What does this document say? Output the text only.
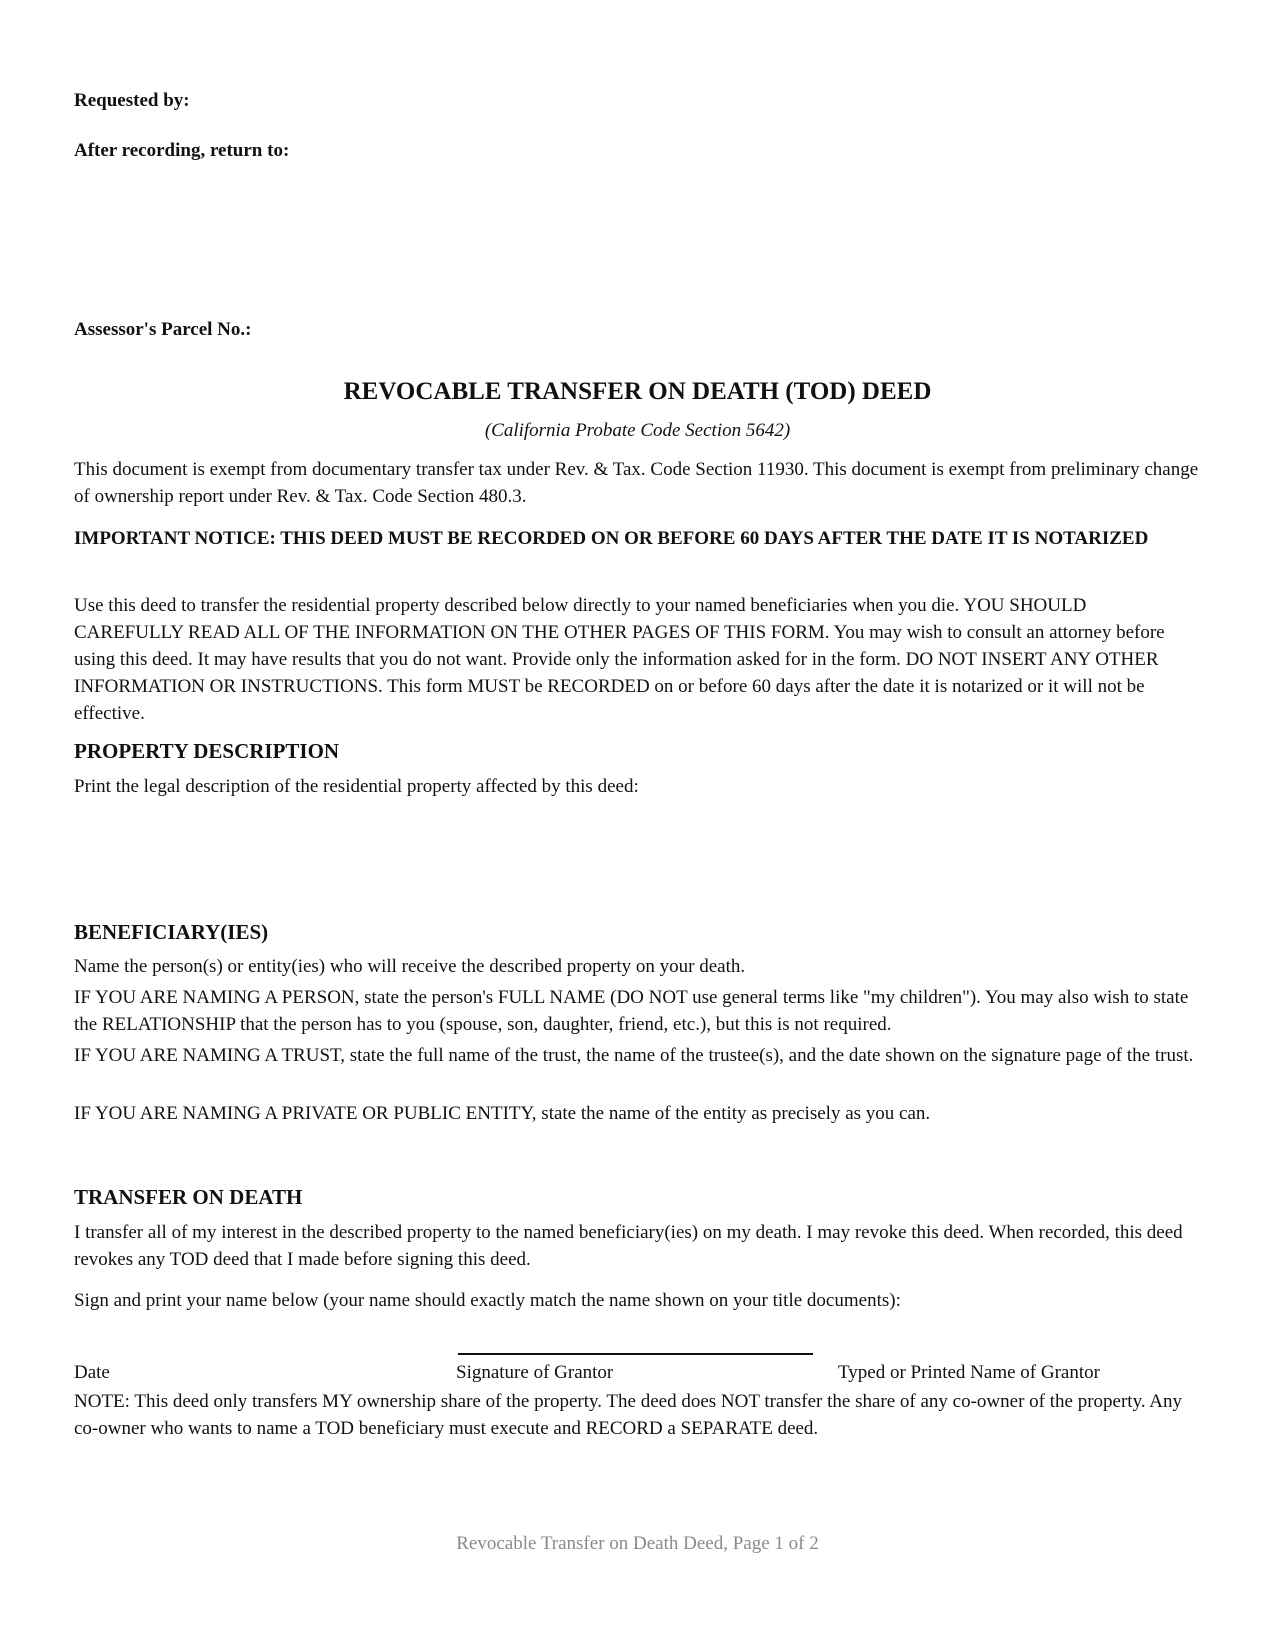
Requested by:

After recording, return to:

Assessor's Parcel No.:

REVOCABLE TRANSFER ON DEATH (TOD) DEED

(California Probate Code Section 5642)

This document is exempt from documentary transfer tax under Rev. & Tax. Code Section 11930. This document is exempt from preliminary change of ownership report under Rev. & Tax. Code Section 480.3.

IMPORTANT NOTICE: THIS DEED MUST BE RECORDED ON OR BEFORE 60 DAYS AFTER THE DATE IT IS NOTARIZED

Use this deed to transfer the residential property described below directly to your named beneficiaries when you die. YOU SHOULD CAREFULLY READ ALL OF THE INFORMATION ON THE OTHER PAGES OF THIS FORM. You may wish to consult an attorney before using this deed. It may have results that you do not want. Provide only the information asked for in the form. DO NOT INSERT ANY OTHER INFORMATION OR INSTRUCTIONS. This form MUST be RECORDED on or before 60 days after the date it is notarized or it will not be effective.

PROPERTY DESCRIPTION

Print the legal description of the residential property affected by this deed:

BENEFICIARY(IES)

Name the person(s) or entity(ies) who will receive the described property on your death.

IF YOU ARE NAMING A PERSON, state the person's FULL NAME (DO NOT use general terms like "my children"). You may also wish to state the RELATIONSHIP that the person has to you (spouse, son, daughter, friend, etc.), but this is not required.

IF YOU ARE NAMING A TRUST, state the full name of the trust, the name of the trustee(s), and the date shown on the signature page of the trust.

IF YOU ARE NAMING A PRIVATE OR PUBLIC ENTITY, state the name of the entity as precisely as you can.

TRANSFER ON DEATH

I transfer all of my interest in the described property to the named beneficiary(ies) on my death. I may revoke this deed. When recorded, this deed revokes any TOD deed that I made before signing this deed.

Sign and print your name below (your name should exactly match the name shown on your title documents):

Date	Signature of Grantor	Typed or Printed Name of Grantor

NOTE: This deed only transfers MY ownership share of the property. The deed does NOT transfer the share of any co-owner of the property. Any co-owner who wants to name a TOD beneficiary must execute and RECORD a SEPARATE deed.

Revocable Transfer on Death Deed, Page 1 of 2
